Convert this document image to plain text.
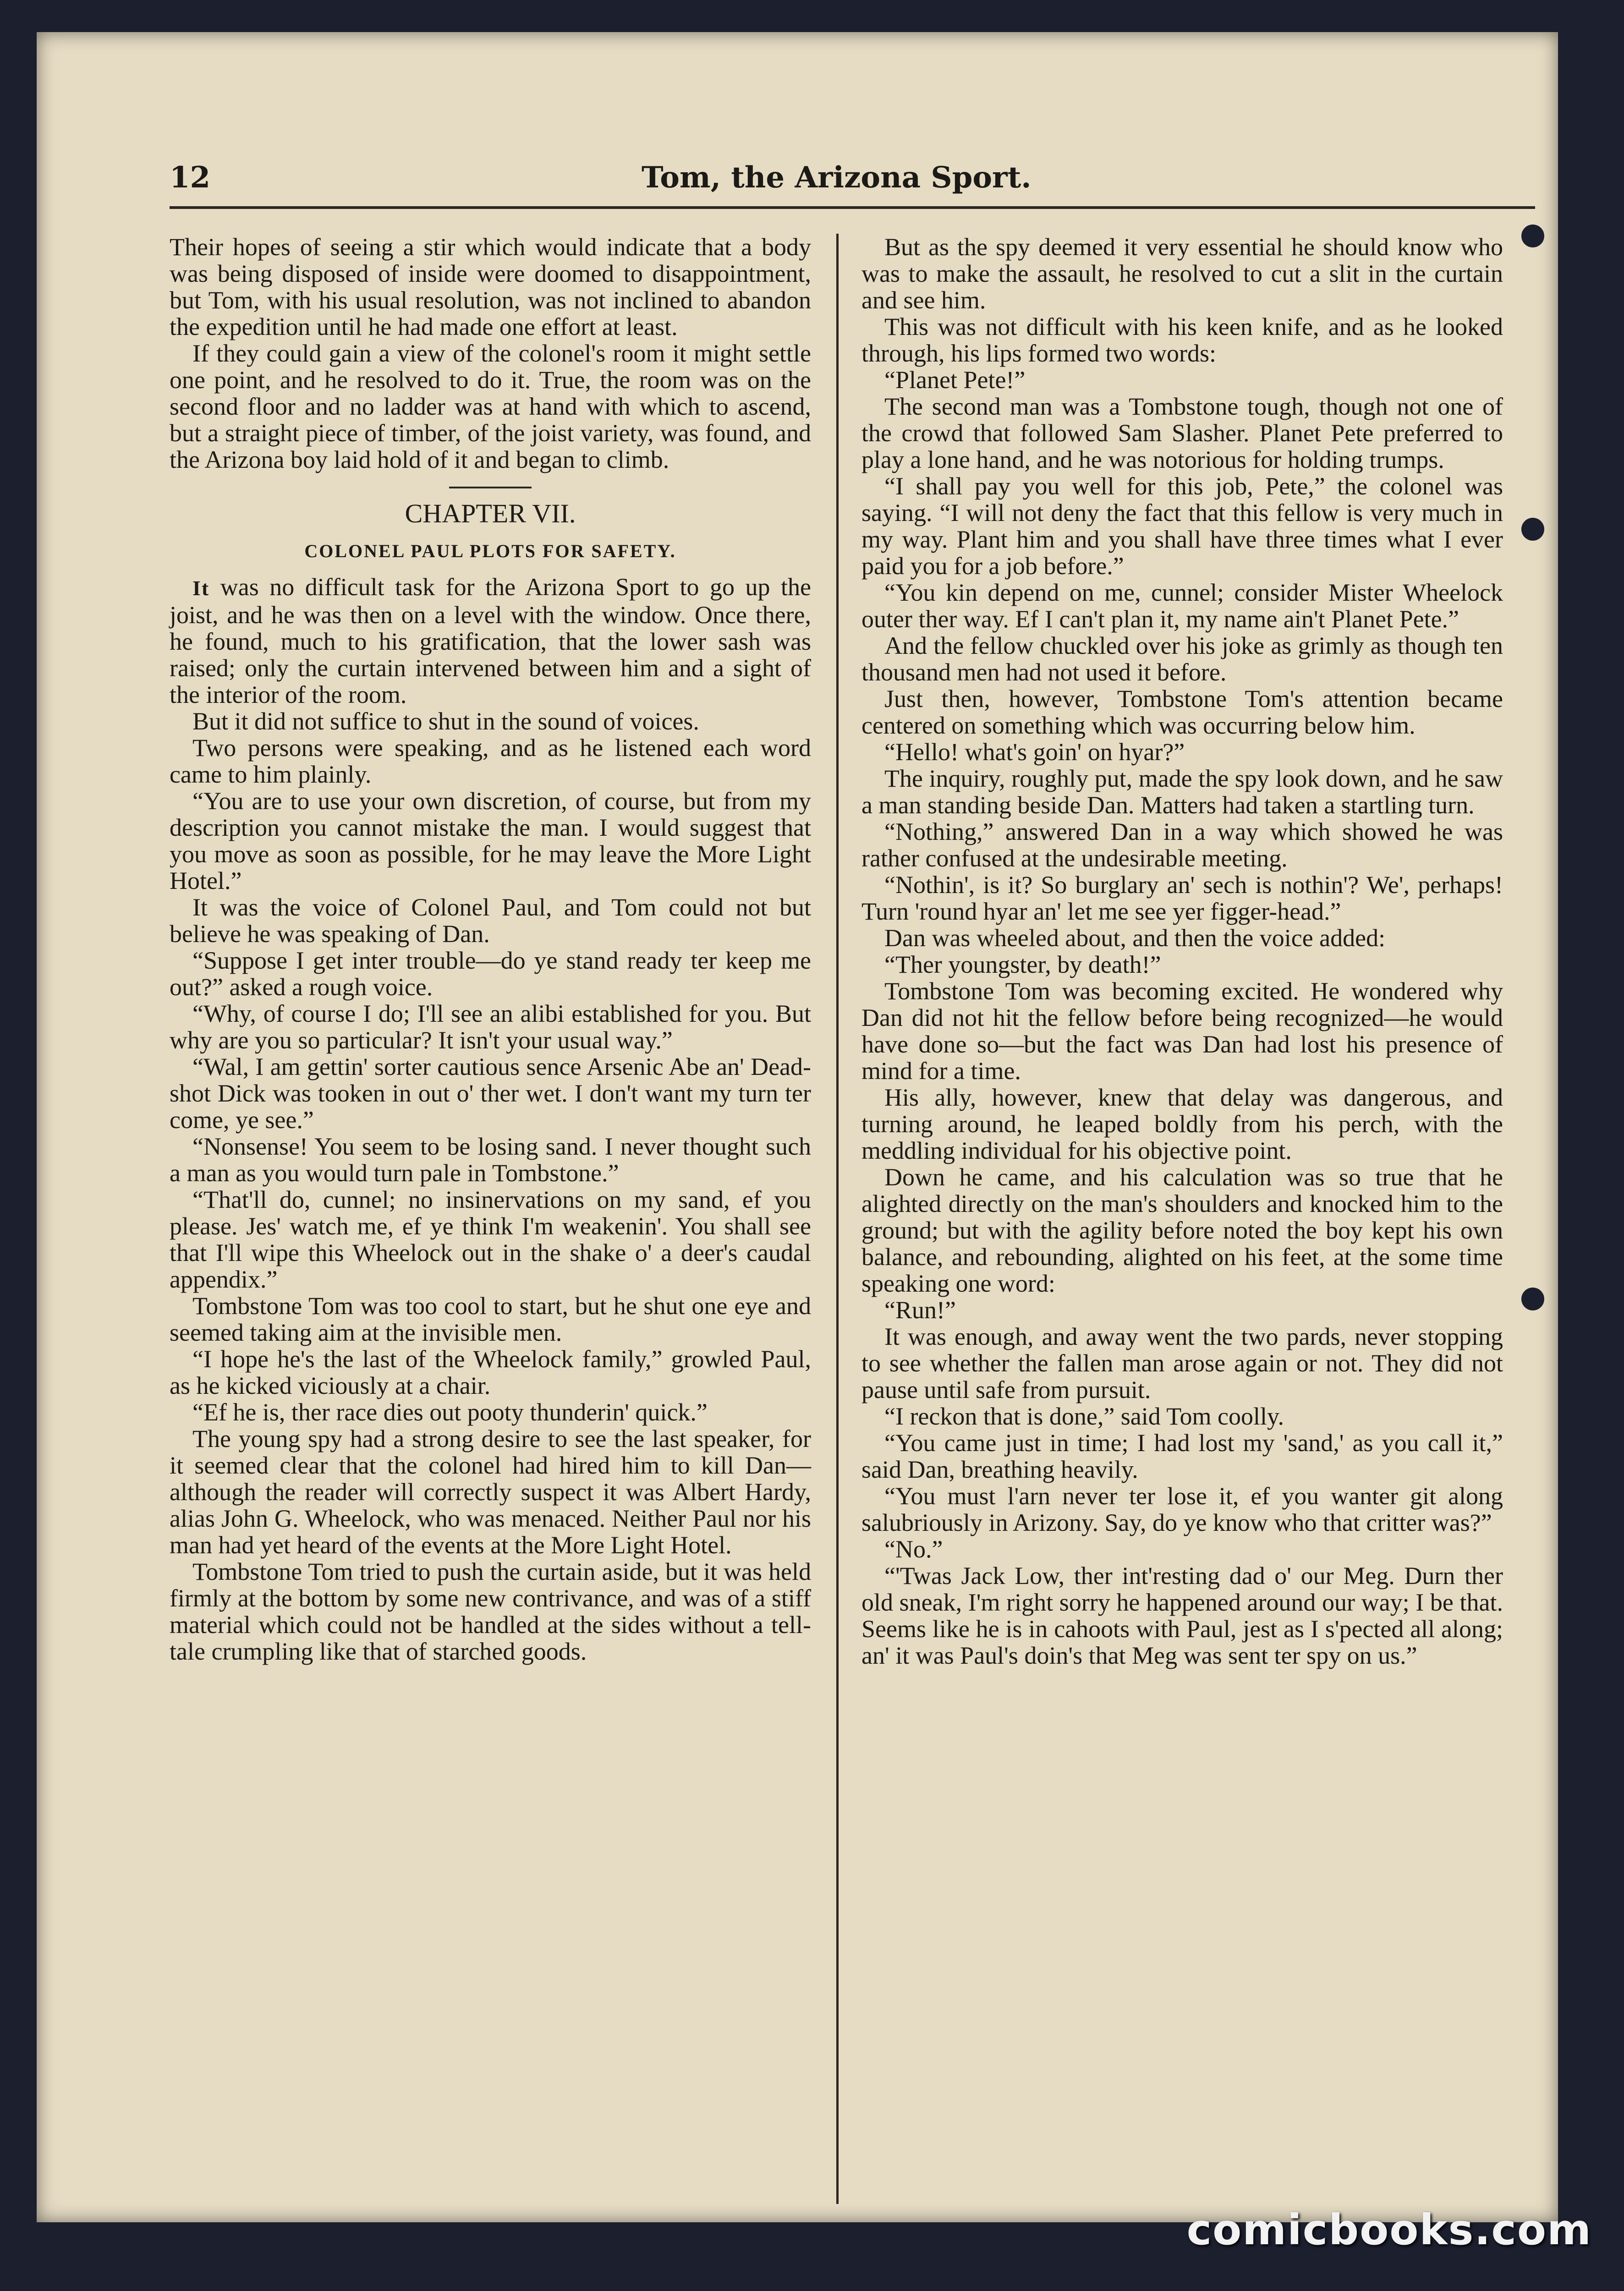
12	Tom, the Arizona Sport.

Their hopes of seeing a stir which would indicate that a body was being disposed of inside were doomed to disappointment, but Tom, with his usual resolution, was not inclined to abandon the expedition until he had made one effort at least.

If they could gain a view of the colonel's room it might settle one point, and he resolved to do it. True, the room was on the second floor and no ladder was at hand with which to ascend, but a straight piece of timber, of the joist variety, was found, and the Arizona boy laid hold of it and began to climb.

CHAPTER VII.
COLONEL PAUL PLOTS FOR SAFETY.

It was no difficult task for the Arizona Sport to go up the joist, and he was then on a level with the window. Once there, he found, much to his gratification, that the lower sash was raised; only the curtain intervened between him and a sight of the interior of the room.

But it did not suffice to shut in the sound of voices.

Two persons were speaking, and as he listened each word came to him plainly.

“You are to use your own discretion, of course, but from my description you cannot mistake the man. I would suggest that you move as soon as possible, for he may leave the More Light Hotel.”

It was the voice of Colonel Paul, and Tom could not but believe he was speaking of Dan.

“Suppose I get inter trouble—do ye stand ready ter keep me out?” asked a rough voice.

“Why, of course I do; I'll see an alibi established for you. But why are you so particular? It isn't your usual way.”

“Wal, I am gettin' sorter cautious sence Arsenic Abe an' Dead-shot Dick was tooken in out o' ther wet. I don't want my turn ter come, ye see.”

“Nonsense! You seem to be losing sand. I never thought such a man as you would turn pale in Tombstone.”

“That'll do, cunnel; no insinervations on my sand, ef you please. Jes' watch me, ef ye think I'm weakenin'. You shall see that I'll wipe this Wheelock out in the shake o' a deer's caudal appendix.”

Tombstone Tom was too cool to start, but he shut one eye and seemed taking aim at the invisible men.

“I hope he's the last of the Wheelock family,” growled Paul, as he kicked viciously at a chair.

“Ef he is, ther race dies out pooty thunderin' quick.”

The young spy had a strong desire to see the last speaker, for it seemed clear that the colonel had hired him to kill Dan—although the reader will correctly suspect it was Albert Hardy, alias John G. Wheelock, who was menaced. Neither Paul nor his man had yet heard of the events at the More Light Hotel.

Tombstone Tom tried to push the curtain aside, but it was held firmly at the bottom by some new contrivance, and was of a stiff material which could not be handled at the sides without a tell-tale crumpling like that of starched goods.

But as the spy deemed it very essential he should know who was to make the assault, he resolved to cut a slit in the curtain and see him.

This was not difficult with his keen knife, and as he looked through, his lips formed two words:

“Planet Pete!”

The second man was a Tombstone tough, though not one of the crowd that followed Sam Slasher. Planet Pete preferred to play a lone hand, and he was notorious for holding trumps.

“I shall pay you well for this job, Pete,” the colonel was saying. “I will not deny the fact that this fellow is very much in my way. Plant him and you shall have three times what I ever paid you for a job before.”

“You kin depend on me, cunnel; consider Mister Wheelock outer ther way. Ef I can't plan it, my name ain't Planet Pete.”

And the fellow chuckled over his joke as grimly as though ten thousand men had not used it before.

Just then, however, Tombstone Tom's attention became centered on something which was occurring below him.

“Hello! what's goin' on hyar?”

The inquiry, roughly put, made the spy look down, and he saw a man standing beside Dan. Matters had taken a startling turn.

“Nothing,” answered Dan in a way which showed he was rather confused at the undesirable meeting.

“Nothin', is it? So burglary an' sech is nothin'? We', perhaps! Turn 'round hyar an' let me see yer figger-head.”

Dan was wheeled about, and then the voice added:

“Ther youngster, by death!”

Tombstone Tom was becoming excited. He wondered why Dan did not hit the fellow before being recognized—he would have done so—but the fact was Dan had lost his presence of mind for a time.

His ally, however, knew that delay was dangerous, and turning around, he leaped boldly from his perch, with the meddling individual for his objective point.

Down he came, and his calculation was so true that he alighted directly on the man's shoulders and knocked him to the ground; but with the agility before noted the boy kept his own balance, and rebounding, alighted on his feet, at the some time speaking one word:

“Run!”

It was enough, and away went the two pards, never stopping to see whether the fallen man arose again or not. They did not pause until safe from pursuit.

“I reckon that is done,” said Tom coolly.

“You came just in time; I had lost my 'sand,' as you call it,” said Dan, breathing heavily.

“You must l'arn never ter lose it, ef you wanter git along salubriously in Arizony. Say, do ye know who that critter was?”

“No.”

“'Twas Jack Low, ther int'resting dad o' our Meg. Durn ther old sneak, I'm right sorry he happened around our way; I be that. Seems like he is in cahoots with Paul, jest as I s'pected all along; an' it was Paul's doin's that Meg was sent ter spy on us.”

comicbooks.com
